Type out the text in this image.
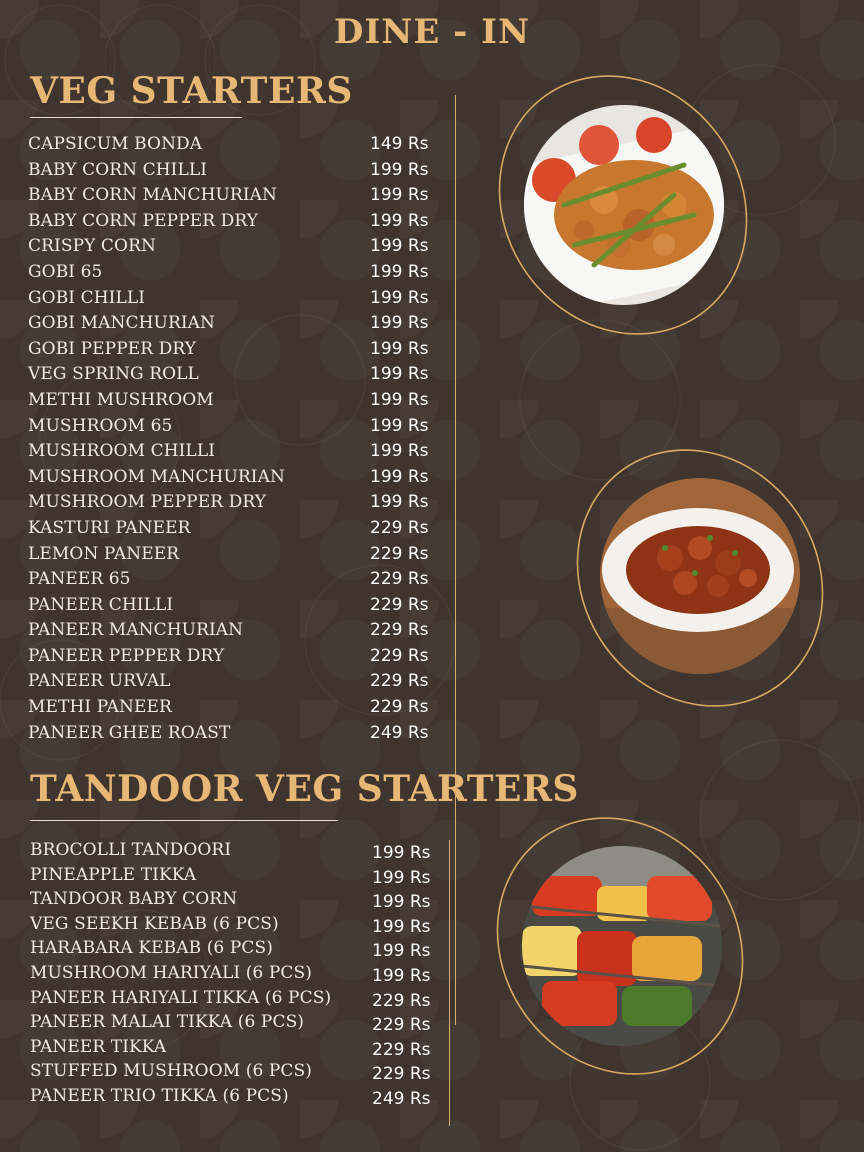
DINE - IN
VEG STARTERS
CAPSICUM BONDA	149 Rs
BABY CORN CHILLI	199 Rs
BABY CORN MANCHURIAN	199 Rs
BABY CORN PEPPER DRY	199 Rs
CRISPY CORN	199 Rs
GOBI 65	199 Rs
GOBI CHILLI	199 Rs
GOBI MANCHURIAN	199 Rs
GOBI PEPPER DRY	199 Rs
VEG SPRING ROLL	199 Rs
METHI MUSHROOM	199 Rs
MUSHROOM 65	199 Rs
MUSHROOM CHILLI	199 Rs
MUSHROOM MANCHURIAN	199 Rs
MUSHROOM PEPPER DRY	199 Rs
KASTURI PANEER	229 Rs
LEMON PANEER	229 Rs
PANEER 65	229 Rs
PANEER CHILLI	229 Rs
PANEER MANCHURIAN	229 Rs
PANEER PEPPER DRY	229 Rs
PANEER URVAL	229 Rs
METHI PANEER	229 Rs
PANEER GHEE ROAST	249 Rs
TANDOOR VEG STARTERS
BROCOLLI TANDOORI	199 Rs
PINEAPPLE TIKKA	199 Rs
TANDOOR BABY CORN	199 Rs
VEG SEEKH KEBAB (6 PCS)	199 Rs
HARABARA KEBAB (6 PCS)	199 Rs
MUSHROOM HARIYALI (6 PCS)	199 Rs
PANEER HARIYALI TIKKA (6 PCS) 229 Rs
PANEER MALAI TIKKA (6 PCS)	229 Rs
PANEER TIKKA	229 Rs
STUFFED MUSHROOM (6 PCS)	229 Rs
PANEER TRIO TIKKA (6 PCS)	249 Rs
